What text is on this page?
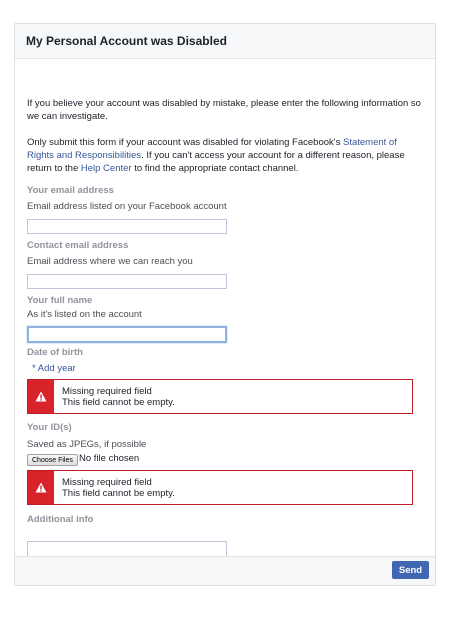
My Personal Account was Disabled
If you believe your account was disabled by mistake, please enter the following information so we can investigate.
Only submit this form if your account was disabled for violating Facebook's Statement of Rights and Responsibilities. If you can't access your account for a different reason, please return to the Help Center to find the appropriate contact channel.
Your email address
Email address listed on your Facebook account
Contact email address
Email address where we can reach you
Your full name
As it's listed on the account
Date of birth
* Add year
Missing required field
This field cannot be empty.
Your ID(s)
Saved as JPEGs, if possible
Choose Files No file chosen
Missing required field
This field cannot be empty.
Additional info
Send
